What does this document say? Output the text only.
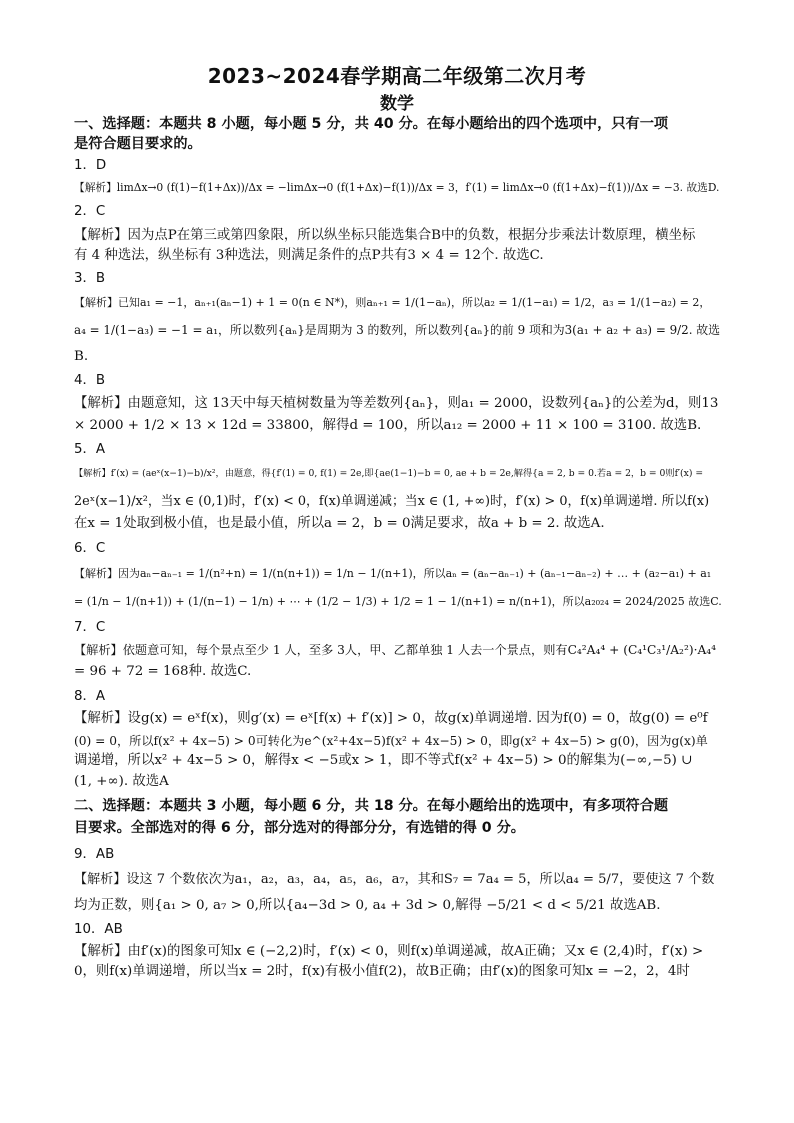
2023~2024春学期高二年级第二次月考
数学
一、选择题：本题共 8 小题，每小题 5 分，共 40 分。在每小题给出的四个选项中，只有一项
是符合题目要求的。
1．D
【解析】limΔx→0 (f(1)−f(1+Δx))/Δx = −limΔx→0 (f(1+Δx)−f(1))/Δx = 3，f′(1) = limΔx→0 (f(1+Δx)−f(1))/Δx = −3. 故选D.
2．C
【解析】因为点P在第三或第四象限，所以纵坐标只能选集合B中的负数，根据分步乘法计数原理，横坐标
有 4 种选法，纵坐标有 3种选法，则满足条件的点P共有3 × 4 = 12个. 故选C.
3．B
【解析】已知a₁ = −1，aₙ₊₁(aₙ−1) + 1 = 0(n ∈ N*)，则aₙ₊₁ = 1/(1−aₙ)，所以a₂ = 1/(1−a₁) = 1/2，a₃ = 1/(1−a₂) = 2，
a₄ = 1/(1−a₃) = −1 = a₁，所以数列{aₙ}是周期为 3 的数列，所以数列{aₙ}的前 9 项和为3(a₁ + a₂ + a₃) = 9/2. 故选
B.
4．B
【解析】由题意知，这 13天中每天植树数量为等差数列{aₙ}，则a₁ = 2000，设数列{aₙ}的公差为d，则13
× 2000 + 1/2 × 13 × 12d = 33800，解得d = 100，所以a₁₂ = 2000 + 11 × 100 = 3100. 故选B.
5．A
【解析】f′(x) = (aeˣ(x−1)−b)/x²，由题意，得{f′(1) = 0, f(1) = 2e,即{ae(1−1)−b = 0, ae + b = 2e,解得{a = 2, b = 0.若a = 2，b = 0则f′(x) =
2eˣ(x−1)/x²，当x ∈ (0,1)时，f′(x) < 0，f(x)单调递减；当x ∈ (1, +∞)时，f′(x) > 0，f(x)单调递增. 所以f(x)
在x = 1处取到极小值，也是最小值，所以a = 2，b = 0满足要求，故a + b = 2. 故选A.
6．C
【解析】因为aₙ−aₙ₋₁ = 1/(n²+n) = 1/(n(n+1)) = 1/n − 1/(n+1)，所以aₙ = (aₙ−aₙ₋₁) + (aₙ₋₁−aₙ₋₂) + … + (a₂−a₁) + a₁
= (1/n − 1/(n+1)) + (1/(n−1) − 1/n) + ⋯ + (1/2 − 1/3) + 1/2 = 1 − 1/(n+1) = n/(n+1)，所以a₂₀₂₄ = 2024/2025 故选C.
7．C
【解析】依题意可知，每个景点至少 1 人，至多 3人，甲、乙都单独 1 人去一个景点，则有C₄²A₄⁴ + (C₄¹C₃¹/A₂²)·A₄⁴
= 96 + 72 = 168种. 故选C.
8．A
【解析】设g(x) = eˣf(x)，则g′(x) = eˣ[f(x) + f′(x)] > 0，故g(x)单调递增. 因为f(0) = 0，故g(0) = e⁰f
(0) = 0，所以f(x² + 4x−5) > 0可转化为e^(x²+4x−5)f(x² + 4x−5) > 0，即g(x² + 4x−5) > g(0)，因为g(x)单
调递增，所以x² + 4x−5 > 0，解得x < −5或x > 1，即不等式f(x² + 4x−5) > 0的解集为(−∞,−5) ∪
(1, +∞). 故选A
二、选择题：本题共 3 小题，每小题 6 分，共 18 分。在每小题给出的选项中，有多项符合题
目要求。全部选对的得 6 分，部分选对的得部分分，有选错的得 0 分。
9．AB
【解析】设这 7 个数依次为a₁，a₂，a₃，a₄，a₅，a₆，a₇，其和S₇ = 7a₄ = 5，所以a₄ = 5/7，要使这 7 个数
均为正数，则{a₁ > 0, a₇ > 0,所以{a₄−3d > 0, a₄ + 3d > 0,解得 −5/21 < d < 5/21 故选AB.
10．AB
【解析】由f′(x)的图象可知x ∈ (−2,2)时，f′(x) < 0，则f(x)单调递减，故A正确；又x ∈ (2,4)时，f′(x) >
0，则f(x)单调递增，所以当x = 2时，f(x)有极小值f(2)，故B正确；由f′(x)的图象可知x = −2，2，4时
